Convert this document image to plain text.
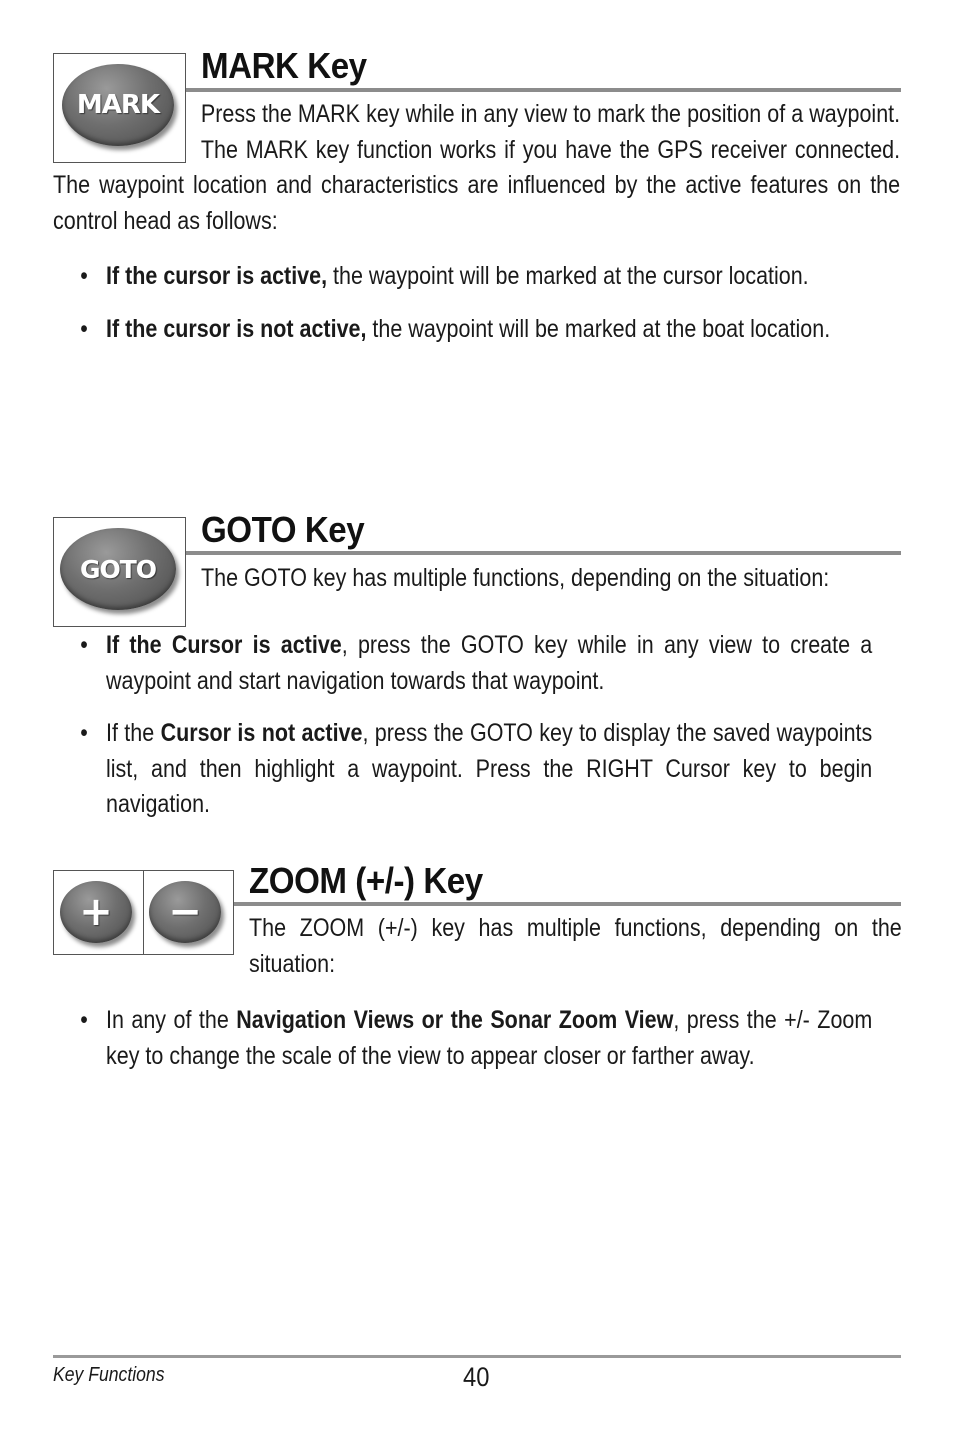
MARK
MARK Key

Press the MARK key while in any view to mark the position of a waypoint. The MARK key function works if you have the GPS receiver connected. The waypoint location and characteristics are influenced by the active features on the control head as follows:

• If the cursor is active, the waypoint will be marked at the cursor location.
• If the cursor is not active, the waypoint will be marked at the boat location.
GOTO
GOTO Key

The GOTO key has multiple functions, depending on the situation:

• If the Cursor is active, press the GOTO key while in any view to create a waypoint and start navigation towards that waypoint.
• If the Cursor is not active, press the GOTO key to display the saved waypoints list, and then highlight a waypoint. Press the RIGHT Cursor key to begin navigation.
+ −
ZOOM (+/-) Key

The ZOOM (+/-) key has multiple functions, depending on the situation:

• In any of the Navigation Views or the Sonar Zoom View, press the +/- Zoom key to change the scale of the view to appear closer or farther away.
Key Functions	40
